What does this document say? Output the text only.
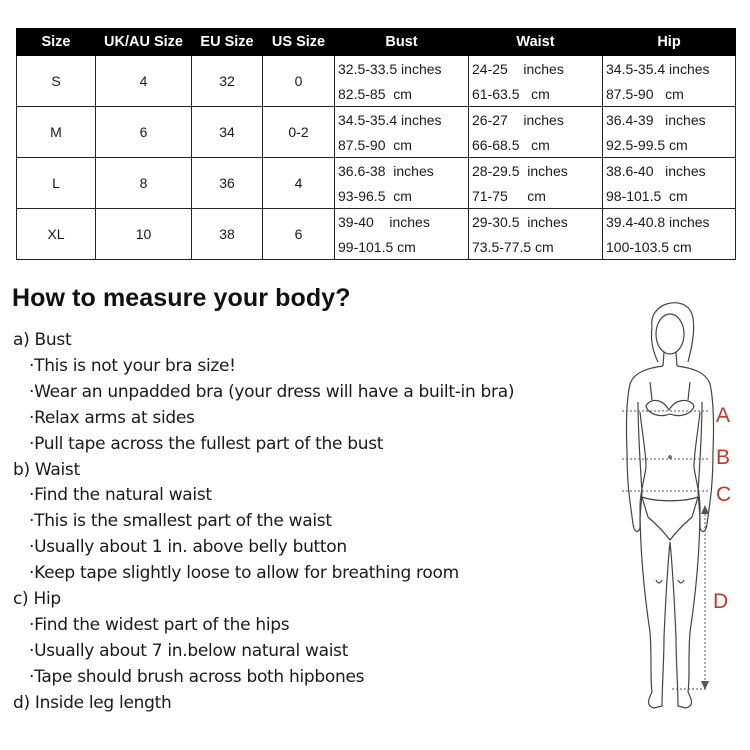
Size	UK/AU Size	EU Size	US Size	Bust	Waist	Hip
S	4	32	0	32.5-33.5 inches	24-25    inches	34.5-35.4 inches
				82.5-85  cm	61-63.5   cm	87.5-90   cm
M	6	34	0-2	34.5-35.4 inches	26-27    inches	36.4-39   inches
				87.5-90  cm	66-68.5   cm	92.5-99.5 cm
L	8	36	4	36.6-38  inches	28-29.5  inches	38.6-40   inches
				93-96.5  cm	71-75     cm	98-101.5  cm
XL	10	38	6	39-40    inches	29-30.5  inches	39.4-40.8 inches
				99-101.5 cm	73.5-77.5 cm	100-103.5 cm
How to measure your body?
a) Bust
·This is not your bra size!
·Wear an unpadded bra (your dress will have a built-in bra)
·Relax arms at sides
·Pull tape across the fullest part of the bust
b) Waist
·Find the natural waist
·This is the smallest part of the waist
·Usually about 1 in. above belly button
·Keep tape slightly loose to allow for breathing room
c) Hip
·Find the widest part of the hips
·Usually about 7 in.below natural waist
·Tape should brush across both hipbones
d) Inside leg length
A
B
C
D
